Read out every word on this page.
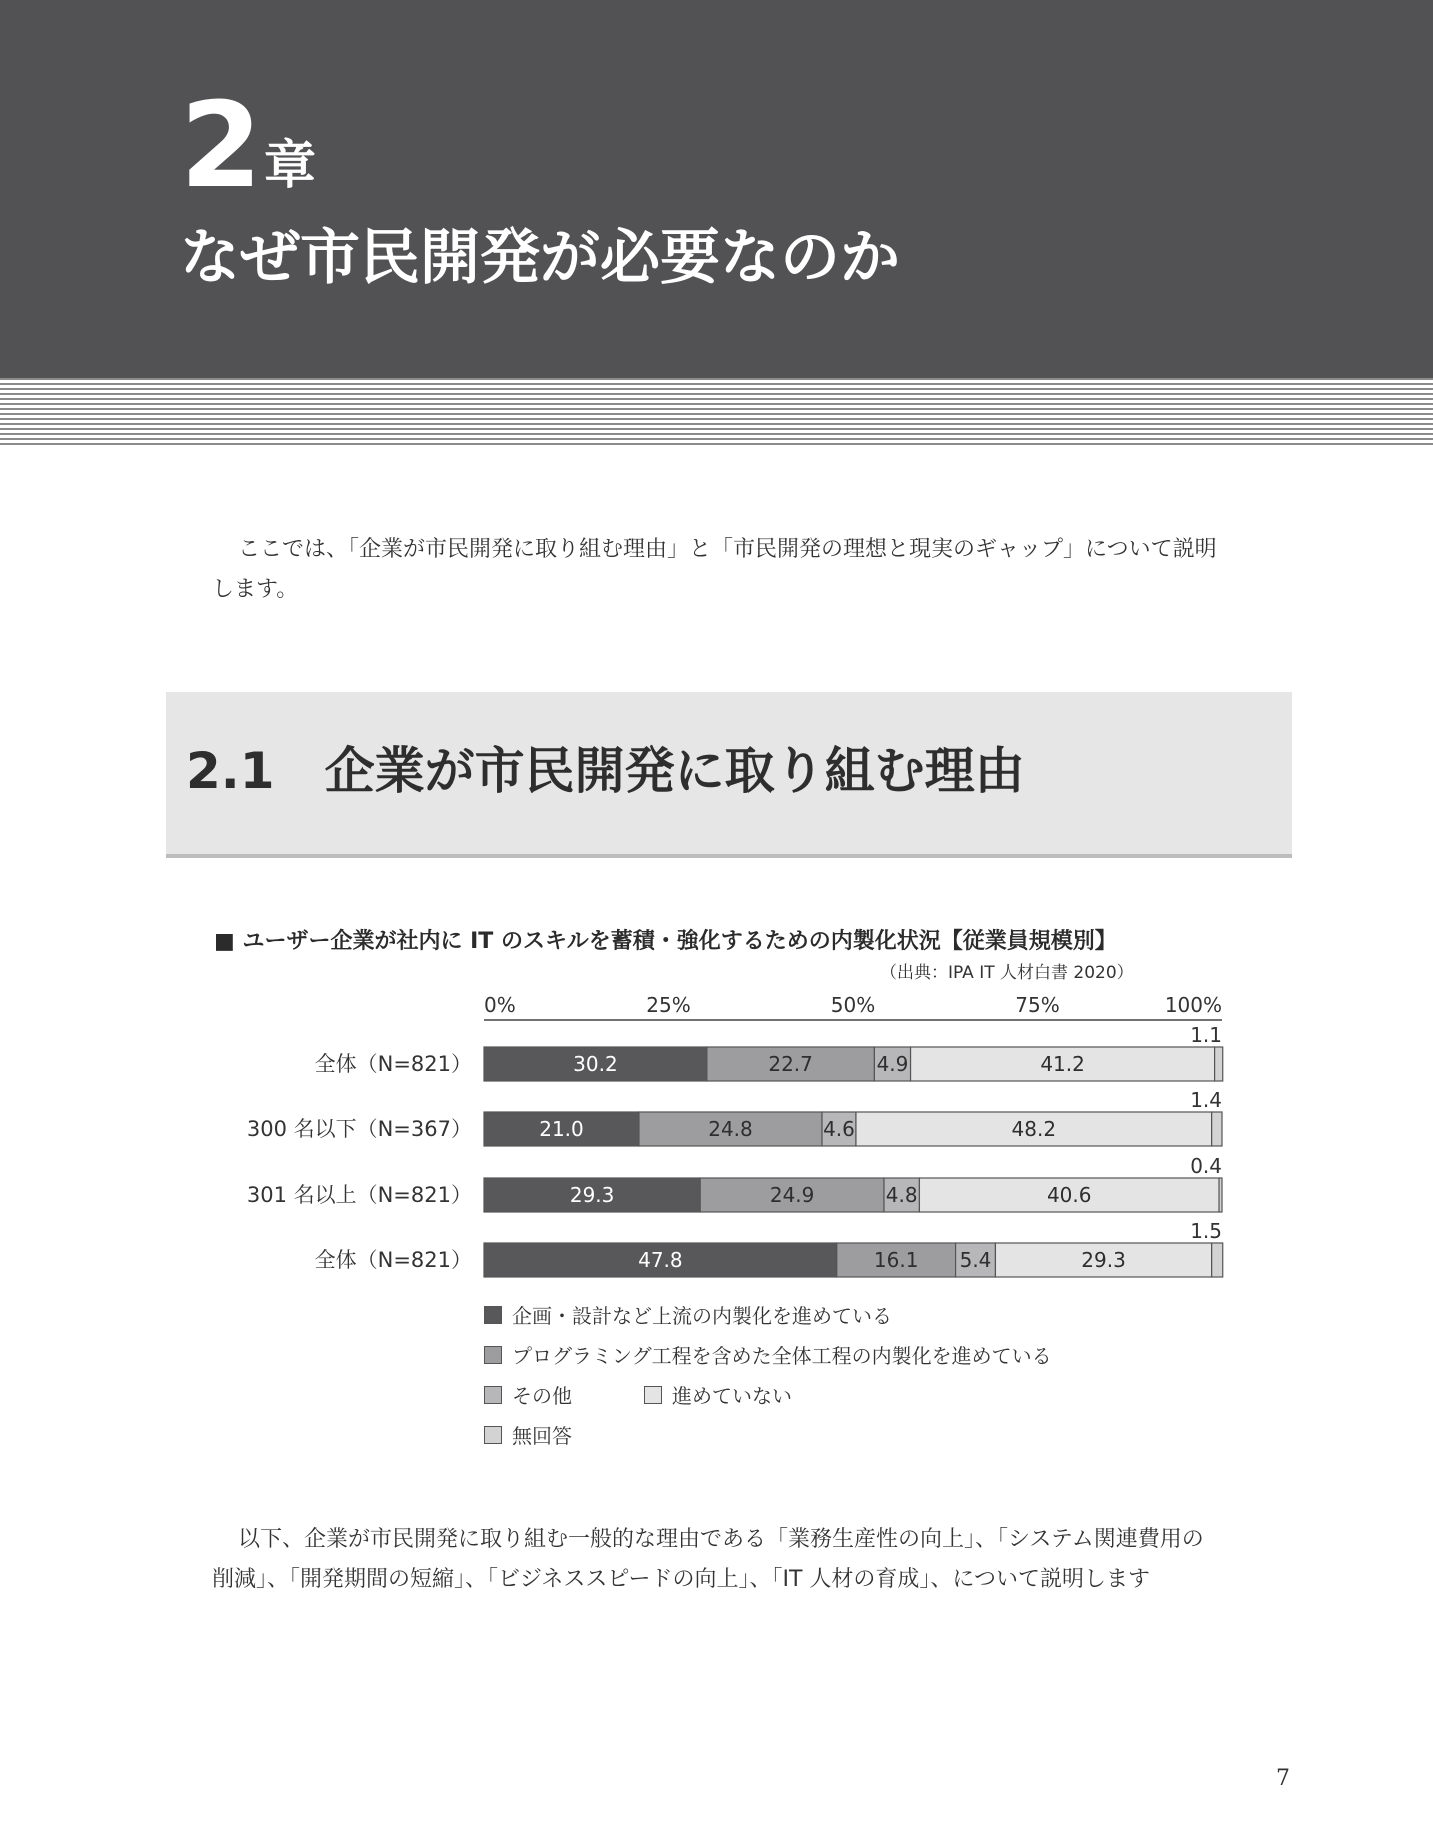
2 章
なぜ市民開発が必要なのか
ここでは、「企業が市民開発に取り組む理由」と「市民開発の理想と現実のギャップ」について説明
します。
2.1　企業が市民開発に取り組む理由
■ ユーザー企業が社内に IT のスキルを蓄積・強化するための内製化状況【従業員規模別】
（出典：IPA IT 人材白書 2020）
0%	25%	50%	75%	100%
全体（N=821）	30.2	22.7	4.9	41.2
1.1
300 名以下（N=367）	21.0	24.8	4.6	48.2
1.4
301 名以上（N=821）	29.3	24.9	4.8	40.6
0.4
全体（N=821）	47.8	16.1 5.4	29.3
1.5
企画・設計など上流の内製化を進めている
プログラミング工程を含めた全体工程の内製化を進めている
その他	進めていない
無回答
以下、企業が市民開発に取り組む一般的な理由である「業務生産性の向上」、「システム関連費用の
削減」、「開発期間の短縮」、「ビジネススピードの向上」、「IT 人材の育成」、について説明します
7
